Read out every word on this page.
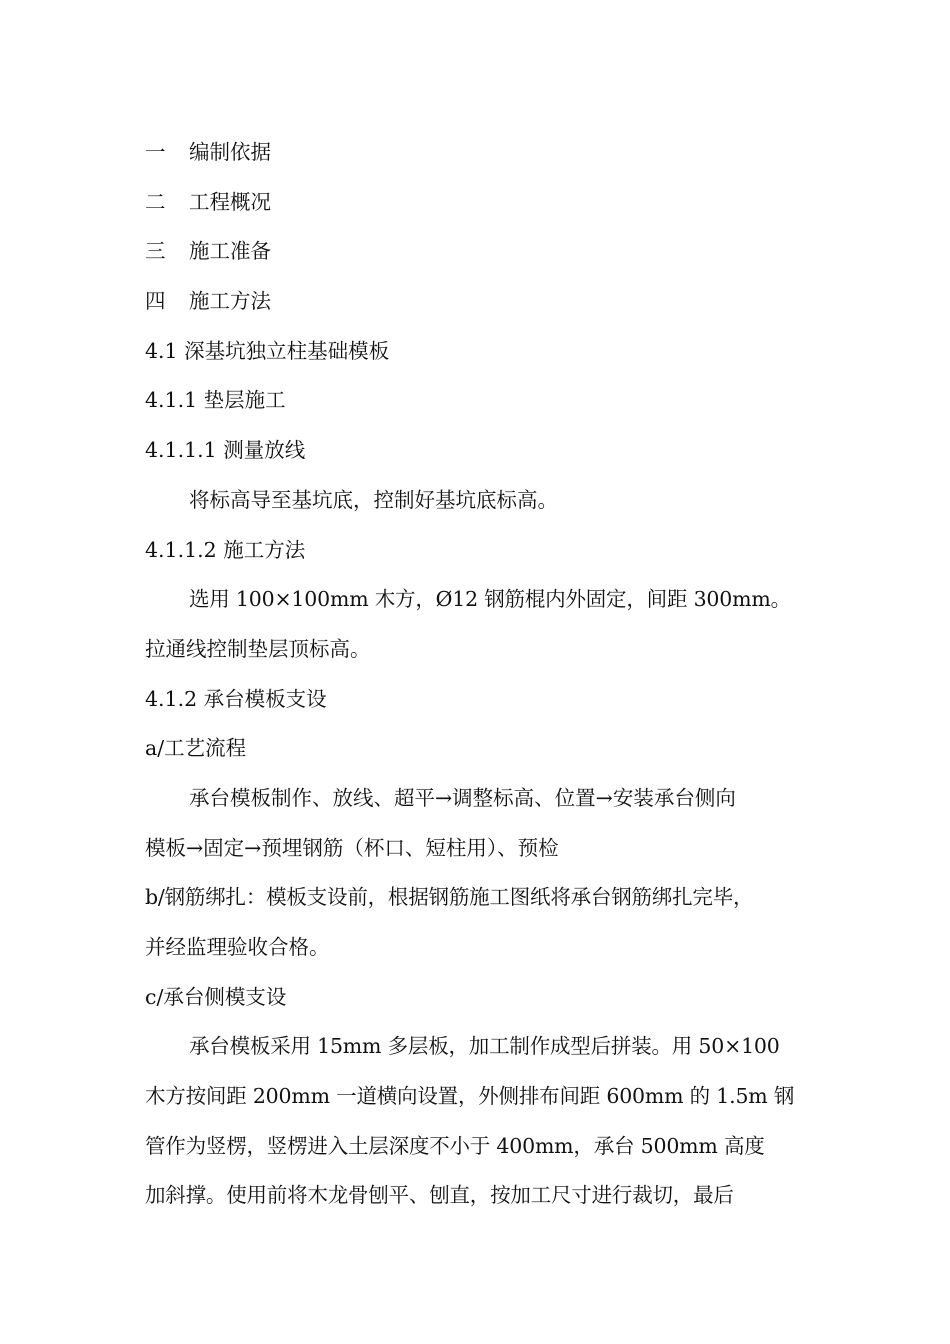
一 编制依据
二 工程概况
三 施工准备
四 施工方法
4.1 深基坑独立柱基础模板
4.1.1 垫层施工
4.1.1.1 测量放线
将标高导至基坑底，控制好基坑底标高。
4.1.1.2 施工方法
选用 100×100mm 木方，Ø12 钢筋棍内外固定，间距 300mm。
拉通线控制垫层顶标高。
4.1.2 承台模板支设
a/工艺流程
承台模板制作、放线、超平→调整标高、位置→安装承台侧向
模板→固定→预埋钢筋（杯口、短柱用）、预检
b/钢筋绑扎：模板支设前，根据钢筋施工图纸将承台钢筋绑扎完毕，
并经监理验收合格。
c/承台侧模支设
承台模板采用 15mm 多层板，加工制作成型后拼装。用 50×100
木方按间距 200mm 一道横向设置，外侧排布间距 600mm 的 1.5m 钢
管作为竖楞，竖楞进入土层深度不小于 400mm，承台 500mm 高度
加斜撑。使用前将木龙骨刨平、刨直，按加工尺寸进行裁切，最后
